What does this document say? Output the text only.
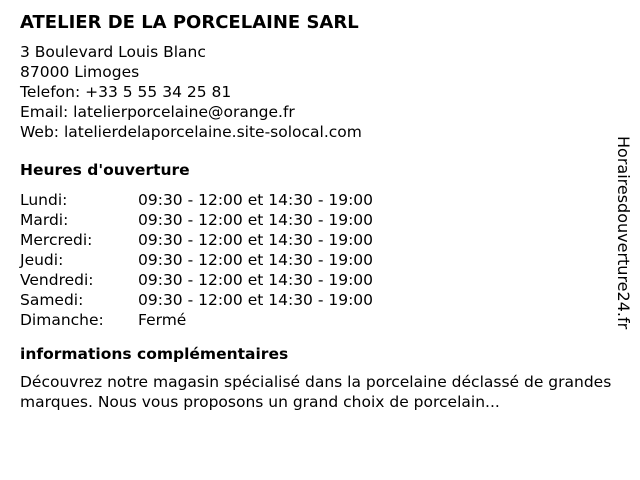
ATELIER DE LA PORCELAINE SARL
3 Boulevard Louis Blanc
87000 Limoges
Telefon: +33 5 55 34 25 81
Email: latelierporcelaine@orange.fr
Web: latelierdelaporcelaine.site-solocal.com
Heures d'ouverture
Lundi:	09:30 - 12:00 et 14:30 - 19:00
Mardi:	09:30 - 12:00 et 14:30 - 19:00
Mercredi:	09:30 - 12:00 et 14:30 - 19:00
Jeudi:	09:30 - 12:00 et 14:30 - 19:00
Vendredi:	09:30 - 12:00 et 14:30 - 19:00
Samedi:	09:30 - 12:00 et 14:30 - 19:00
Dimanche:	Fermé
informations complémentaires
Découvrez notre magasin spécialisé dans la porcelaine déclassé de grandes marques. Nous vous proposons un grand choix de porcelain...
Horairesdouverture24.fr
